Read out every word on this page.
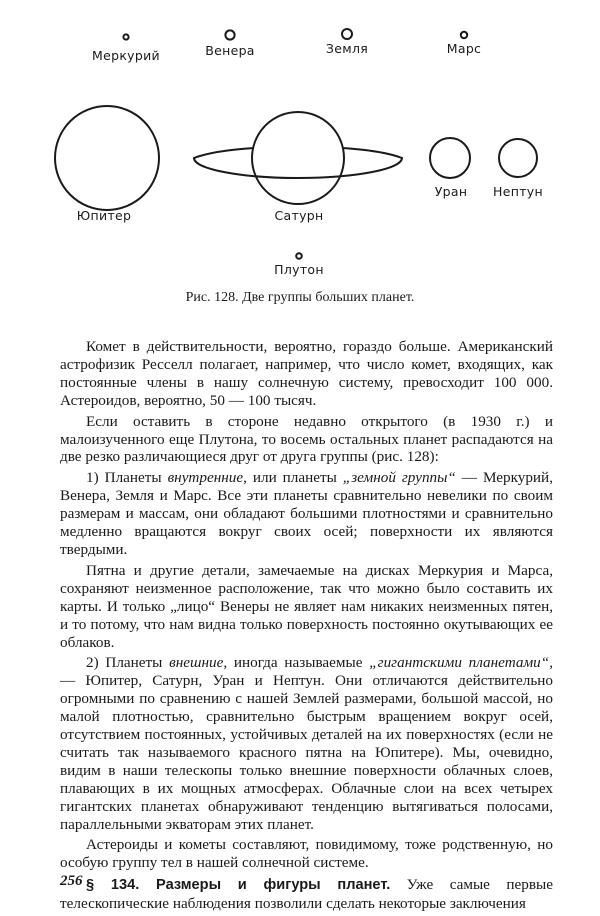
Меркурий	Венера	Земля	Марс
Юпитер	Сатурн
Уран Нептун
Плутон
Рис. 128. Две группы больших планет.

Комет в действительности, вероятно, гораздо больше. Американский астрофизик Ресселл полагает, например, что число комет, входящих, как постоянные члены в нашу солнечную систему, превосходит 100 000. Астероидов, вероятно, 50 — 100 тысяч.

Если оставить в стороне недавно открытого (в 1930 г.) и малоизученного еще Плутона, то восемь остальных планет распадаются на две резко различающиеся друг от друга группы (рис. 128):

1) Планеты внутренние, или планеты „земной группы“ — Меркурий, Венера, Земля и Марс. Все эти планеты сравнительно невелики по своим размерам и массам, они обладают большими плотностями и сравнительно медленно вращаются вокруг своих осей; поверхности их являются твердыми.

Пятна и другие детали, замечаемые на дисках Меркурия и Марса, сохраняют неизменное расположение, так что можно было составить их карты. И только „лицо“ Венеры не являет нам никаких неизменных пятен, и то потому, что нам видна только поверхность постоянно окутывающих ее облаков.

2) Планеты внешние, иногда называемые „гигантскими планетами“, — Юпитер, Сатурн, Уран и Нептун. Они отличаются действительно огромными по сравнению с нашей Землей размерами, большой массой, но малой плотностью, сравнительно быстрым вращением вокруг осей, отсутствием постоянных, устойчивых деталей на их поверхностях (если не считать так называемого красного пятна на Юпитере). Мы, очевидно, видим в наши телескопы только внешние поверхности облачных слоев, плавающих в их мощных атмосферах. Облачные слои на всех четырех гигантских планетах обнаруживают тенденцию вытягиваться полосами, параллельными экваторам этих планет.

Астероиды и кометы составляют, повидимому, тоже родственную, но особую группу тел в нашей солнечной системе.

§ 134. Размеры и фигуры планет. Уже самые первые телескопические наблюдения позволили сделать некоторые заключения

256
